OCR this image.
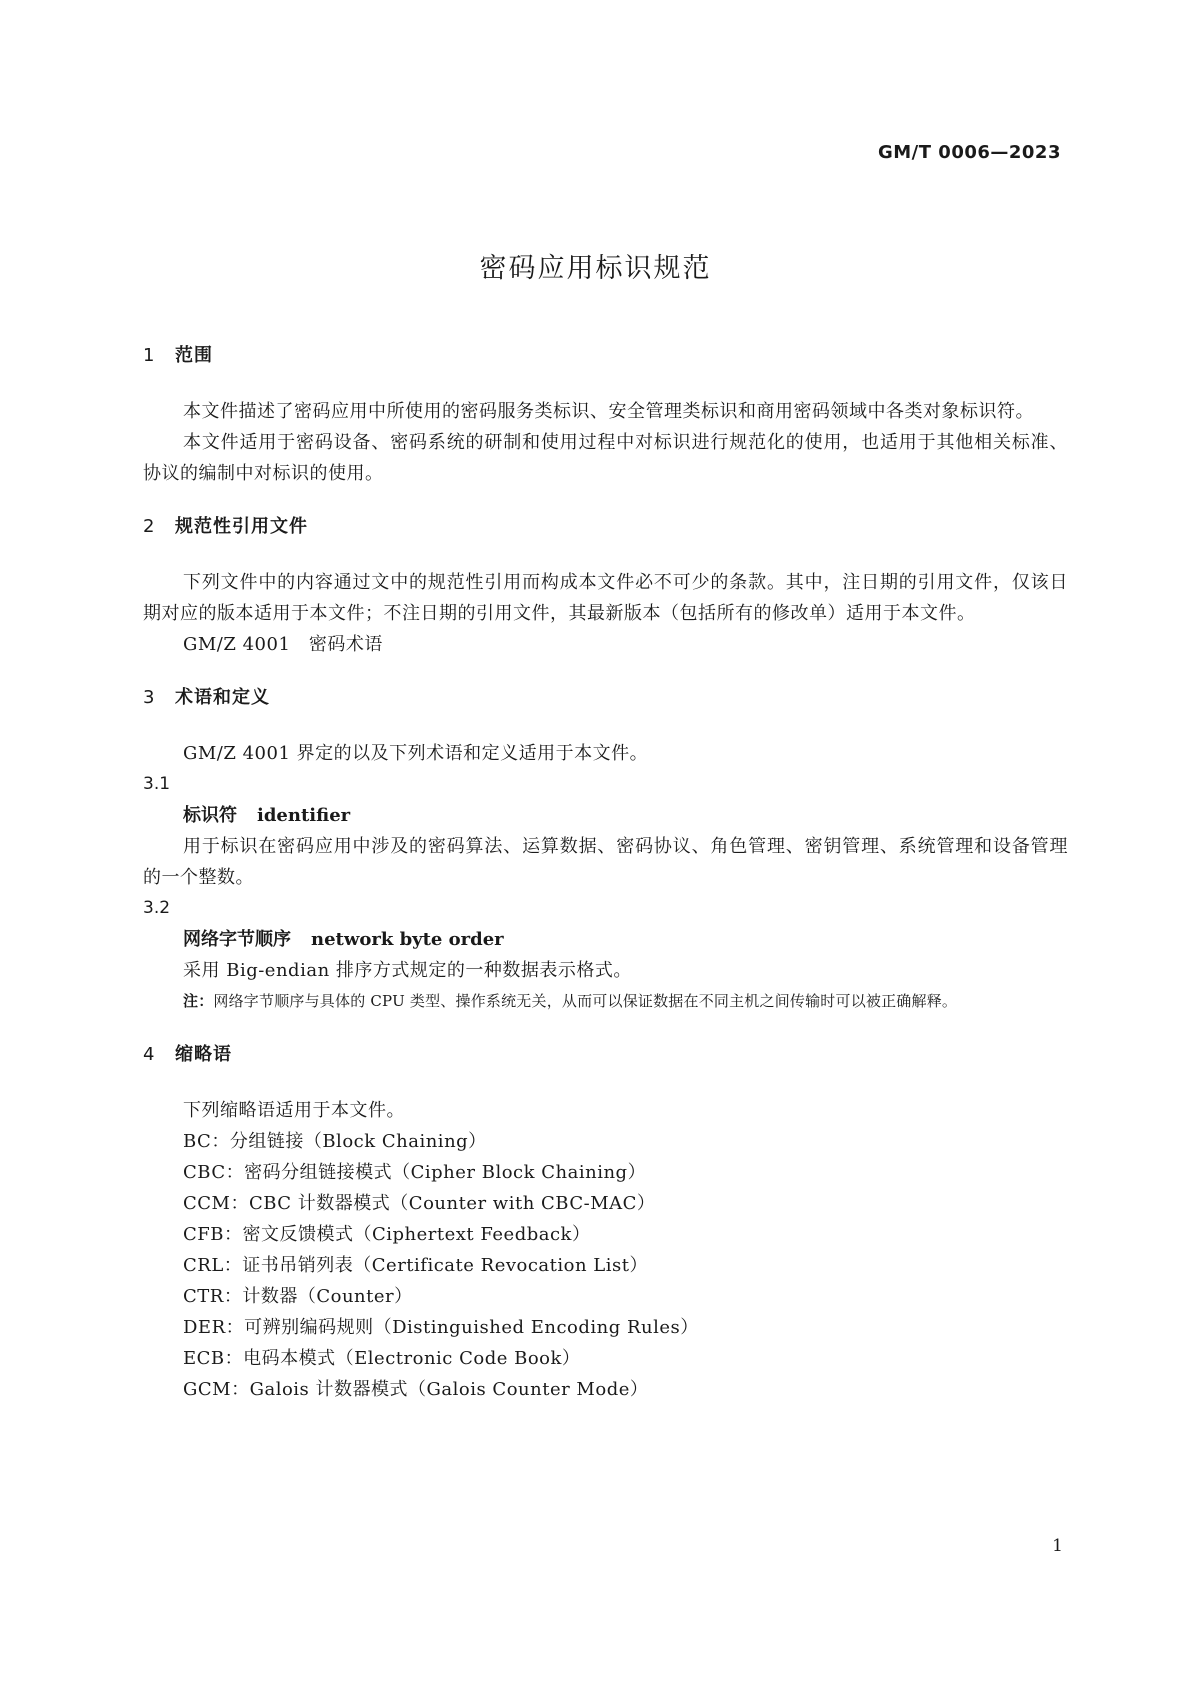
GM/T 0006—2023
密码应用标识规范
1 范围

本文件描述了密码应用中所使用的密码服务类标识、安全管理类标识和商用密码领域中各类对象标识符。

本文件适用于密码设备、密码系统的研制和使用过程中对标识进行规范化的使用，也适用于其他相关标准、协议的编制中对标识的使用。

2 规范性引用文件

下列文件中的内容通过文中的规范性引用而构成本文件必不可少的条款。其中，注日期的引用文件，仅该日期对应的版本适用于本文件；不注日期的引用文件，其最新版本（包括所有的修改单）适用于本文件。

GM/Z 4001　密码术语

3 术语和定义

GM/Z 4001 界定的以及下列术语和定义适用于本文件。

3.1

标识符 identifier

用于标识在密码应用中涉及的密码算法、运算数据、密码协议、角色管理、密钥管理、系统管理和设备管理的一个整数。

3.2

网络字节顺序 network byte order

采用 Big-endian 排序方式规定的一种数据表示格式。

注：网络字节顺序与具体的 CPU 类型、操作系统无关，从而可以保证数据在不同主机之间传输时可以被正确解释。

4 缩略语

下列缩略语适用于本文件。

BC：分组链接（Block Chaining）

CBC：密码分组链接模式（Cipher Block Chaining）

CCM：CBC 计数器模式（Counter with CBC-MAC）

CFB：密文反馈模式（Ciphertext Feedback）

CRL：证书吊销列表（Certificate Revocation List）

CTR：计数器（Counter）

DER：可辨别编码规则（Distinguished Encoding Rules）

ECB：电码本模式（Electronic Code Book）

GCM：Galois 计数器模式（Galois Counter Mode）

1
